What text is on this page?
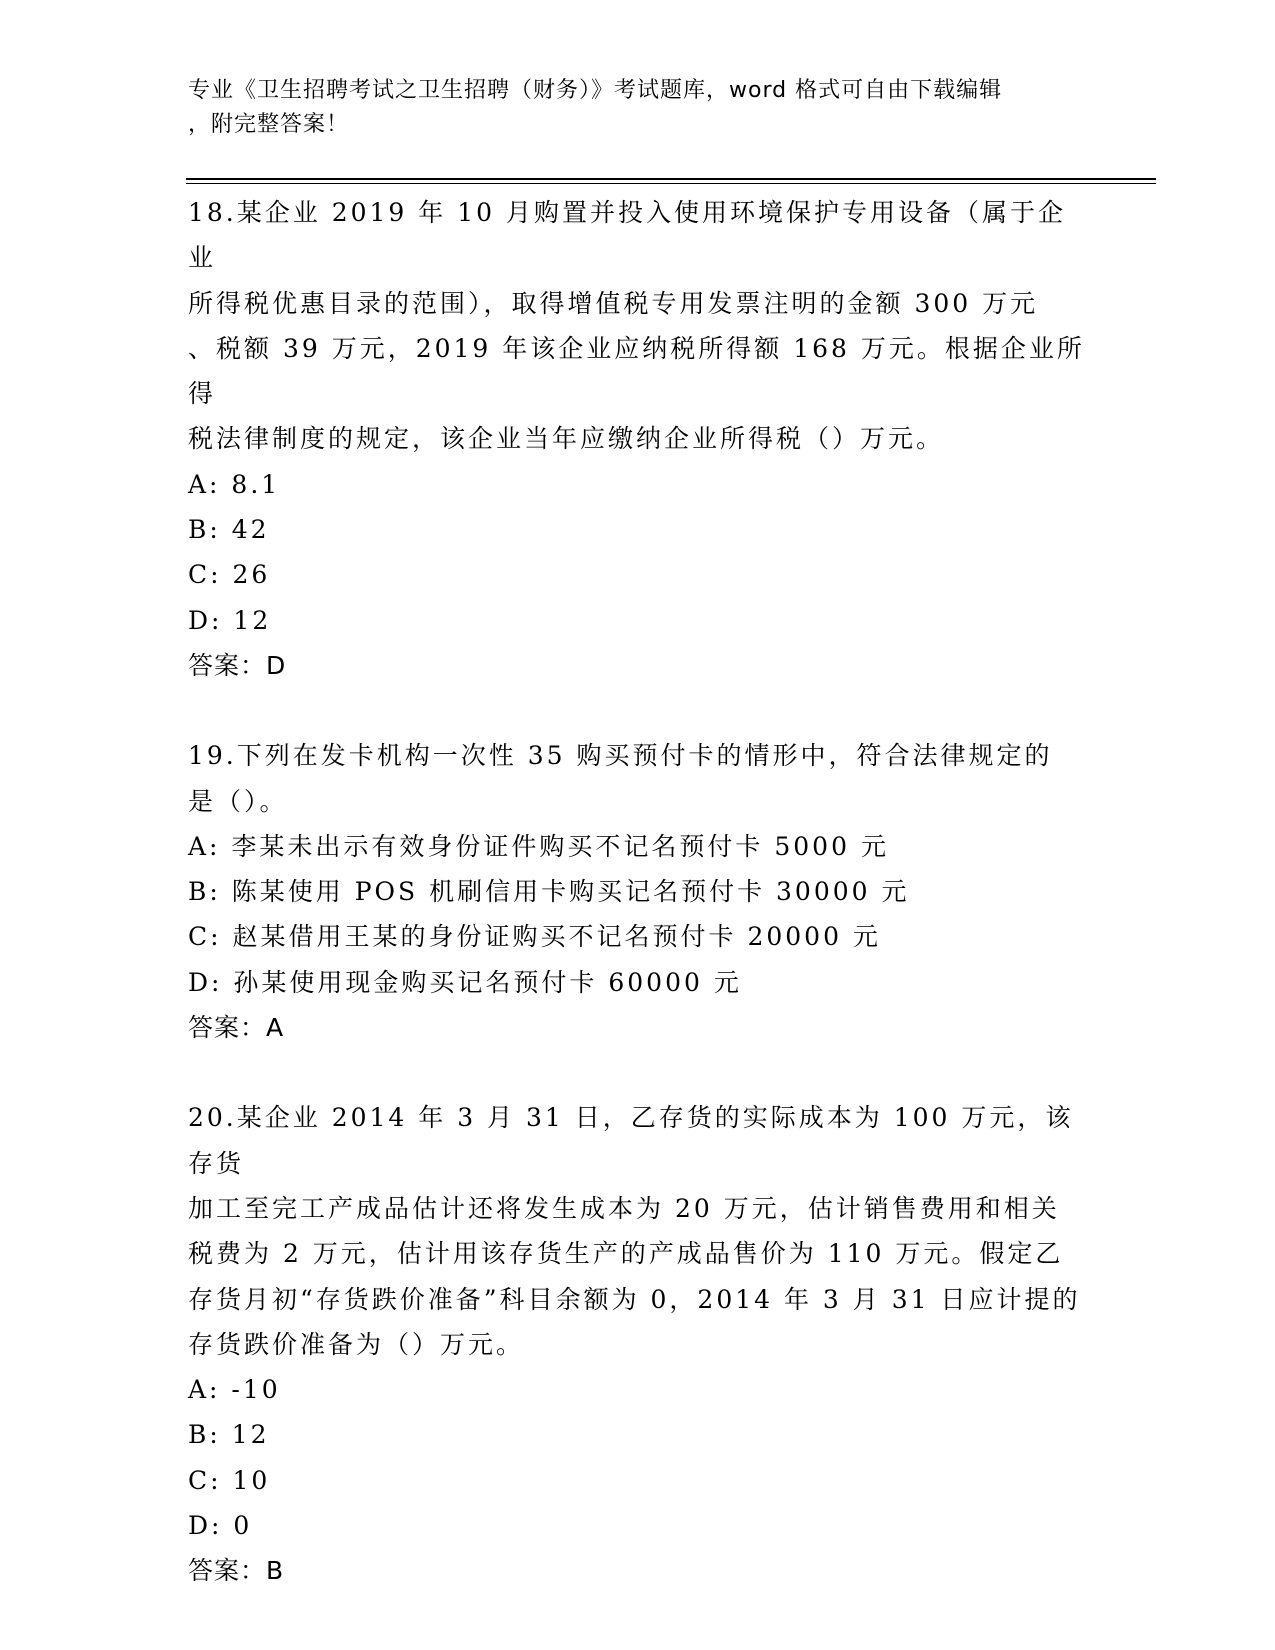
专业《卫生招聘考试之卫生招聘（财务）》考试题库，word 格式可自由下载编辑
，附完整答案！

18.某企业 2019 年 10 月购置并投入使用环境保护专用设备（属于企业

所得税优惠目录的范围），取得增值税专用发票注明的金额 300 万元

、税额 39 万元，2019 年该企业应纳税所得额 168 万元。根据企业所得

税法律制度的规定，该企业当年应缴纳企业所得税（）万元。

A: 8.1

B: 42

C: 26

D: 12

答案：D

19.下列在发卡机构一次性 35 购买预付卡的情形中，符合法律规定的

是（）。

A: 李某未出示有效身份证件购买不记名预付卡 5000 元

B: 陈某使用 POS 机刷信用卡购买记名预付卡 30000 元

C: 赵某借用王某的身份证购买不记名预付卡 20000 元

D: 孙某使用现金购买记名预付卡 60000 元

答案：A

20.某企业 2014 年 3 月 31 日，乙存货的实际成本为 100 万元，该存货

加工至完工产成品估计还将发生成本为 20 万元，估计销售费用和相关

税费为 2 万元，估计用该存货生产的产成品售价为 110 万元。假定乙

存货月初“存货跌价准备”科目余额为 0，2014 年 3 月 31 日应计提的

存货跌价准备为（）万元。

A: -10

B: 12

C: 10

D: 0

答案：B
